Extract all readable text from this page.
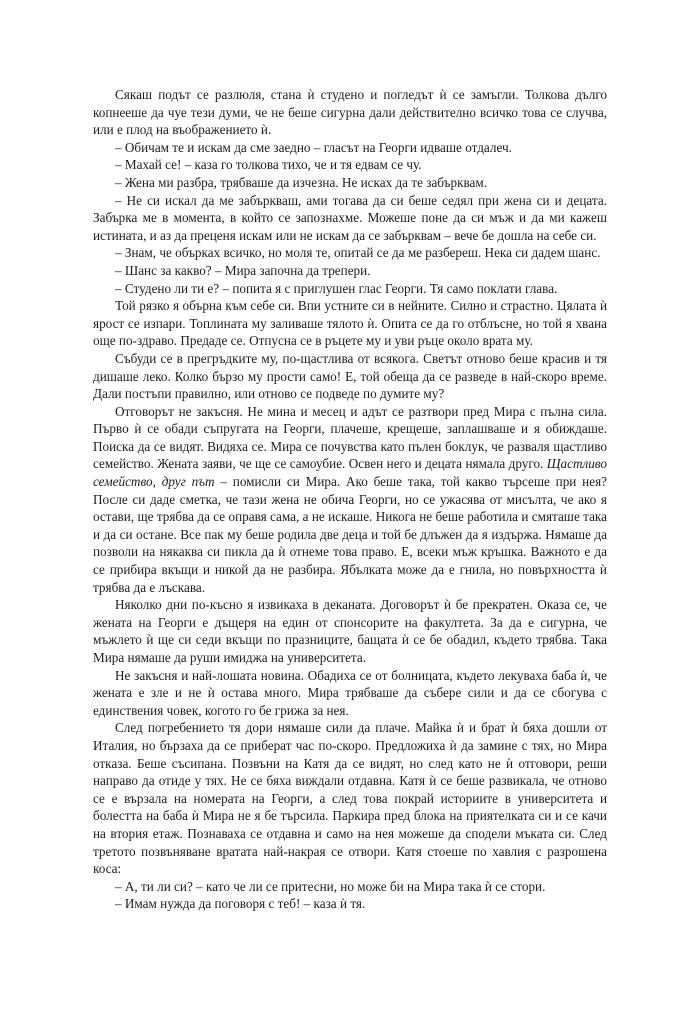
Сякаш подът се разлюля, стана ѝ студено и погледът ѝ се замъгли. Толкова дълго копнееше да чуе тези думи, че не беше сигурна дали действително всичко това се случва, или е плод на въображението ѝ.

– Обичам те и искам да сме заедно – гласът на Георги идваше отдалеч.

– Махай се! – каза го толкова тихо, че и тя едвам се чу.

– Жена ми разбра, трябваше да изчезна. Не исках да те забърквам.

– Не си искал да ме забъркваш, ами тогава да си беше седял при жена си и децата. Забърка ме в момента, в който се запознахме. Можеше поне да си мъж и да ми кажеш истината, и аз да преценя искам или не искам да се забърквам – вече бе дошла на себе си.

– Знам, че обърках всичко, но моля те, опитай се да ме разбереш. Нека си дадем шанс.

– Шанс за какво? – Мира започна да трепери.

– Студено ли ти е? – попита я с приглушен глас Георги. Тя само поклати глава.

Той рязко я обърна към себе си. Впи устните си в нейните. Силно и страстно. Цялата ѝ ярост се изпари. Топлината му заливаше тялото ѝ. Опита се да го отблъсне, но той я хвана още по-здраво. Предаде се. Отпусна се в ръцете му и уви ръце около врата му.

Събуди се в прегръдките му, по-щастлива от всякога. Светът отново беше красив и тя дишаше леко. Колко бързо му прости само! Е, той обеща да се разведе в най-скоро време. Дали постъпи правилно, или отново се подведе по думите му?

Отговорът не закъсня. Не мина и месец и адът се разтвори пред Мира с пълна сила. Първо ѝ се обади съпругата на Георги, плачеше, крещеше, заплашваше и я обиждаше. Поиска да се видят. Видяха се. Мира се почувства като пълен боклук, че разваля щастливо семейство. Жената заяви, че ще се самоубие. Освен него и децата нямала друго. Щастливо семейство, друг път – помисли си Мира. Ако беше така, той какво търсеше при нея? После си даде сметка, че тази жена не обича Георги, но се ужасява от мисълта, че ако я остави, ще трябва да се оправя сама, а не искаше. Никога не беше работила и смяташе така и да си остане. Все пак му беше родила две деца и той бе длъжен да я издържа. Нямаше да позволи на някаква си пикла да ѝ отнеме това право. Е, всеки мъж кръшка. Важното е да се прибира вкъщи и никой да не разбира. Ябълката може да е гнила, но повърхността ѝ трябва да е лъскава.

Няколко дни по-късно я извикаха в деканата. Договорът ѝ бе прекратен. Оказа се, че жената на Георги е дъщеря на един от спонсорите на факултета. За да е сигурна, че мъжлето ѝ ще си седи вкъщи по празниците, бащата ѝ се бе обадил, където трябва. Така Мира нямаше да руши имиджа на университета.

Не закъсня и най-лошата новина. Обадиха се от болницата, където лекуваха баба ѝ, че жената е зле и не ѝ остава много. Мира трябваше да събере сили и да се сбогува с единствения човек, когото го бе грижа за нея.

След погребението тя дори нямаше сили да плаче. Майка ѝ и брат ѝ бяха дошли от Италия, но бързаха да се приберат час по-скоро. Предложиха ѝ да замине с тях, но Мира отказа. Беше съсипана. Позвъни на Катя да се видят, но след като не ѝ отговори, реши направо да отиде у тях. Не се бяха виждали отдавна. Катя ѝ се беше развикала, че отново се е вързала на номерата на Георги, а след това покрай историите в университета и болестта на баба ѝ Мира не я бе търсила. Паркира пред блока на приятелката си и се качи на втория етаж. Познаваха се отдавна и само на нея можеше да сподели мъката си. След третото позвъняване вратата най-накрая се отвори. Катя стоеше по хавлия с разрошена коса:

– А, ти ли си? – като че ли се притесни, но може би на Мира така ѝ се стори.

– Имам нужда да поговоря с теб! – каза ѝ тя.
